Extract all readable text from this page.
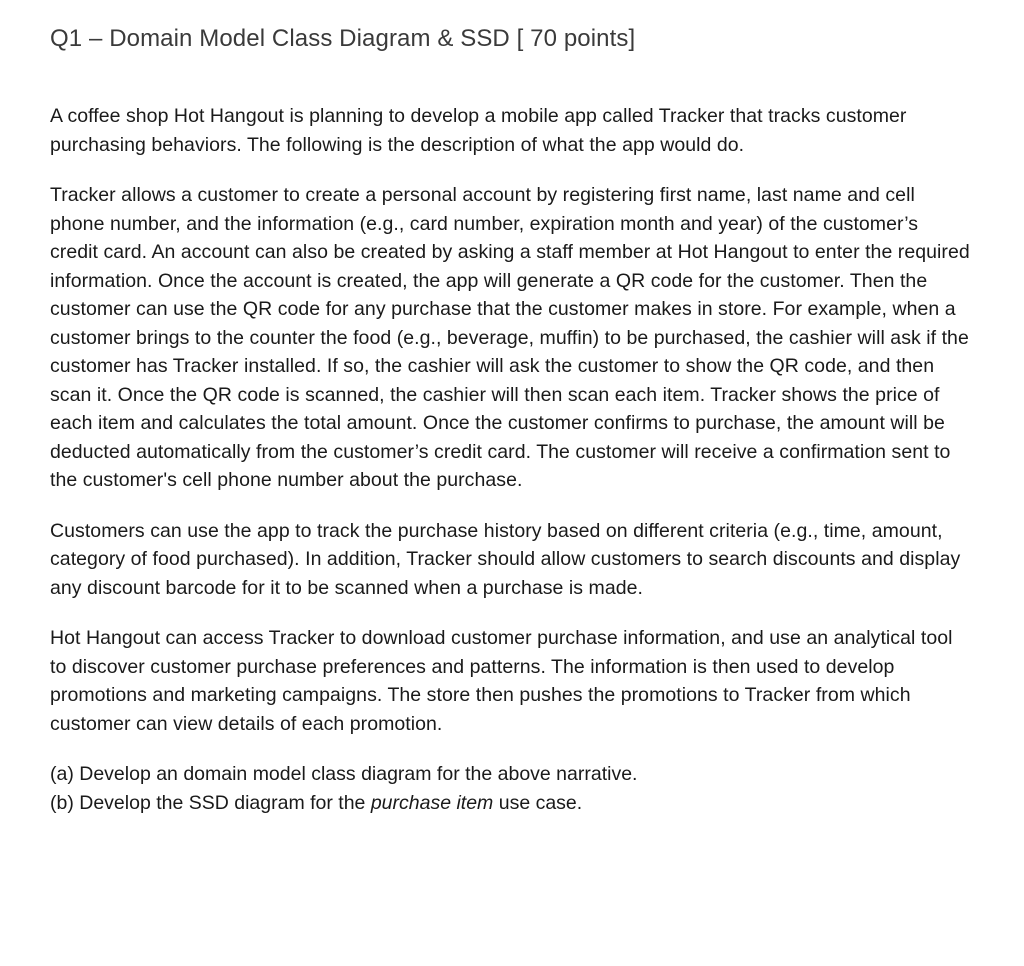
Q1 – Domain Model Class Diagram & SSD [ 70 points]

A coffee shop Hot Hangout is planning to develop a mobile app called Tracker that tracks customer purchasing behaviors. The following is the description of what the app would do.

Tracker allows a customer to create a personal account by registering first name, last name and cell phone number, and the information (e.g., card number, expiration month and year) of the customer’s credit card. An account can also be created by asking a staff member at Hot Hangout to enter the required information. Once the account is created, the app will generate a QR code for the customer. Then the customer can use the QR code for any purchase that the customer makes in store. For example, when a customer brings to the counter the food (e.g., beverage, muffin) to be purchased, the cashier will ask if the customer has Tracker installed. If so, the cashier will ask the customer to show the QR code, and then scan it. Once the QR code is scanned, the cashier will then scan each item. Tracker shows the price of each item and calculates the total amount. Once the customer confirms to purchase, the amount will be deducted automatically from the customer’s credit card. The customer will receive a confirmation sent to the customer's cell phone number about the purchase.

Customers can use the app to track the purchase history based on different criteria (e.g., time, amount, category of food purchased). In addition, Tracker should allow customers to search discounts and display any discount barcode for it to be scanned when a purchase is made.

Hot Hangout can access Tracker to download customer purchase information, and use an analytical tool to discover customer purchase preferences and patterns. The information is then used to develop promotions and marketing campaigns. The store then pushes the promotions to Tracker from which customer can view details of each promotion.

(a) Develop an domain model class diagram for the above narrative.
(b) Develop the SSD diagram for the purchase item use case.
